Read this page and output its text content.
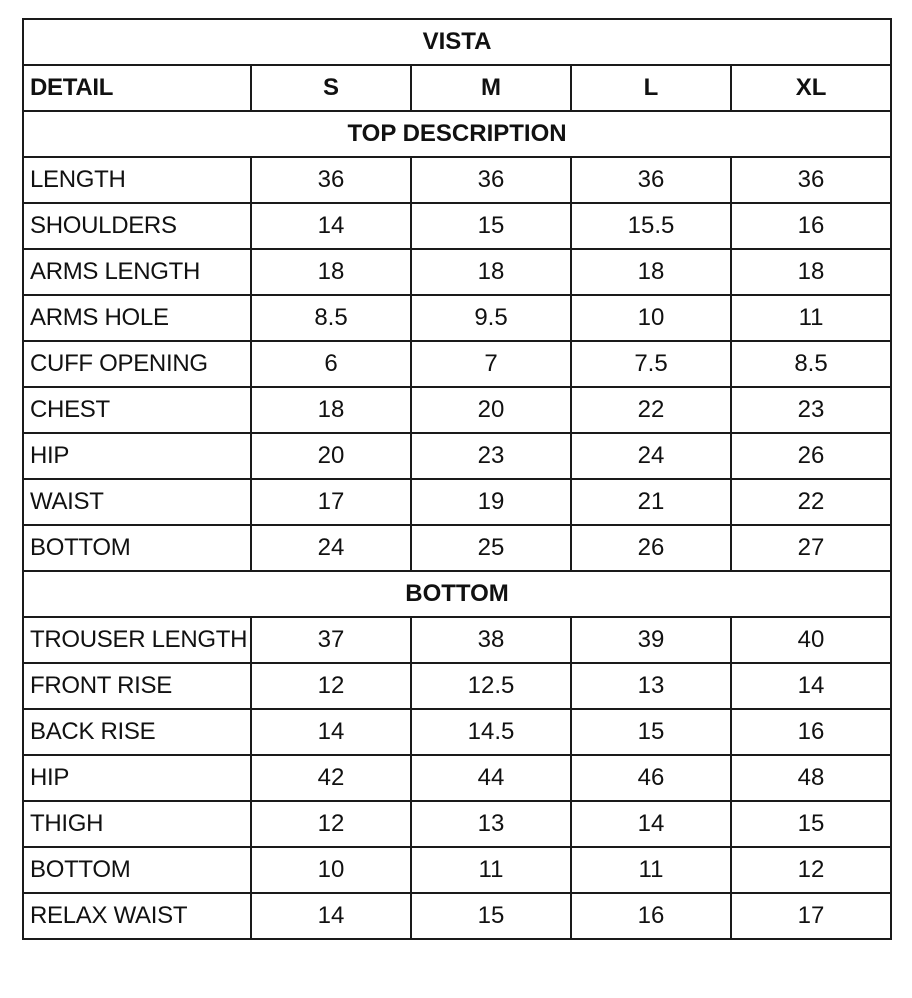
VISTA				
DETAIL	S	M	L	XL
TOP DESCRIPTION				
LENGTH	36	36	36	36
SHOULDERS	14	15	15.5	16
ARMS LENGTH	18	18	18	18
ARMS HOLE	8.5	9.5	10	11
CUFF OPENING	6	7	7.5	8.5
CHEST	18	20	22	23
HIP	20	23	24	26
WAIST	17	19	21	22
BOTTOM	24	25	26	27
BOTTOM				
TROUSER LENGTH	37	38	39	40
FRONT RISE	12	12.5	13	14
BACK RISE	14	14.5	15	16
HIP	42	44	46	48
THIGH	12	13	14	15
BOTTOM	10	11	11	12
RELAX WAIST	14	15	16	17
